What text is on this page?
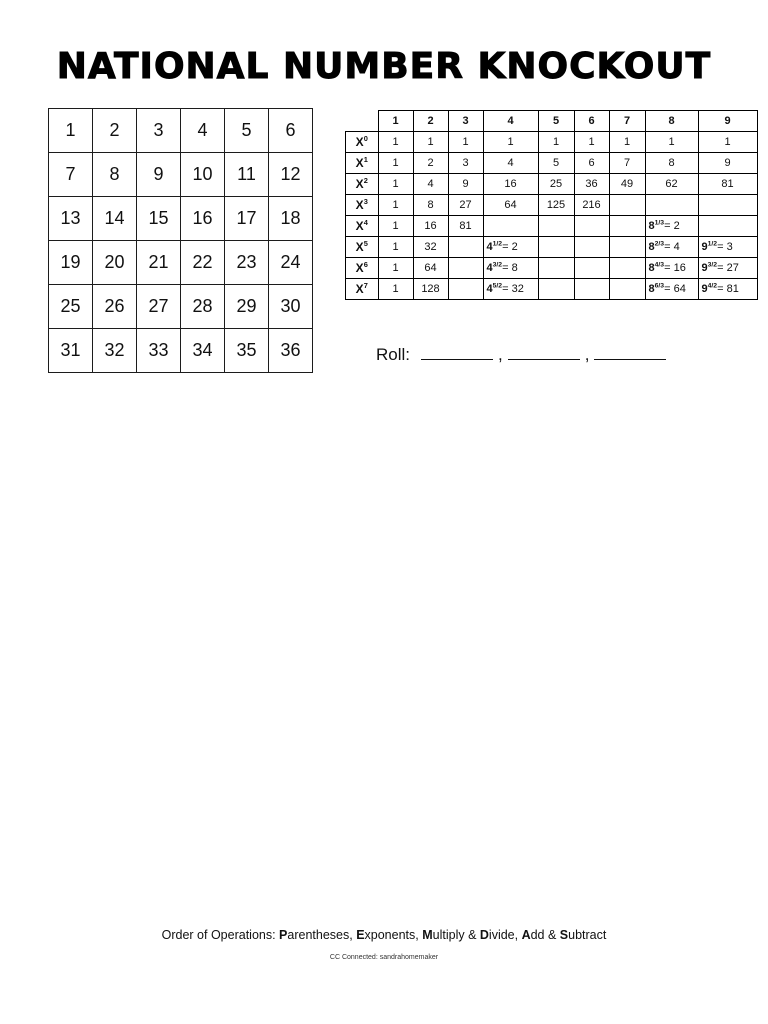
NATIONAL NUMBER KNOCKOUT
1	2	3	4	5	6
7	8	9	10	11	12
13	14	15	16	17	18
19	20	21	22	23	24
25	26	27	28	29	30
31	32	33	34	35	36
	1	2	3	4	5	6	7	8	9
$X^0$	1	1	1	1	1	1	1	1	1
$X^1$	1	2	3	4	5	6	7	8	9
$X^2$	1	4	9	16	25	36	49	62	81
$X^3$	1	8	27	64	125	216			
$X^4$	1	16	81					$8^{1/3}= 2$	
$X^5$	1	32		$4^{1/2}= 2$				$8^{2/3}= 4$	$9^{1/2}= 3$
$X^6$	1	64		$4^{3/2}= 8$				$8^{4/3}= 16$	$9^{3/2}= 27$
$X^7$	1	128		$4^{5/2}= 32$				$8^{6/3}= 64$	$9^{4/2}= 81$
Roll:	,	,
Order of Operations: Parentheses, Exponents, Multiply & Divide, Add & Subtract
CC Connected: sandrahomemaker
